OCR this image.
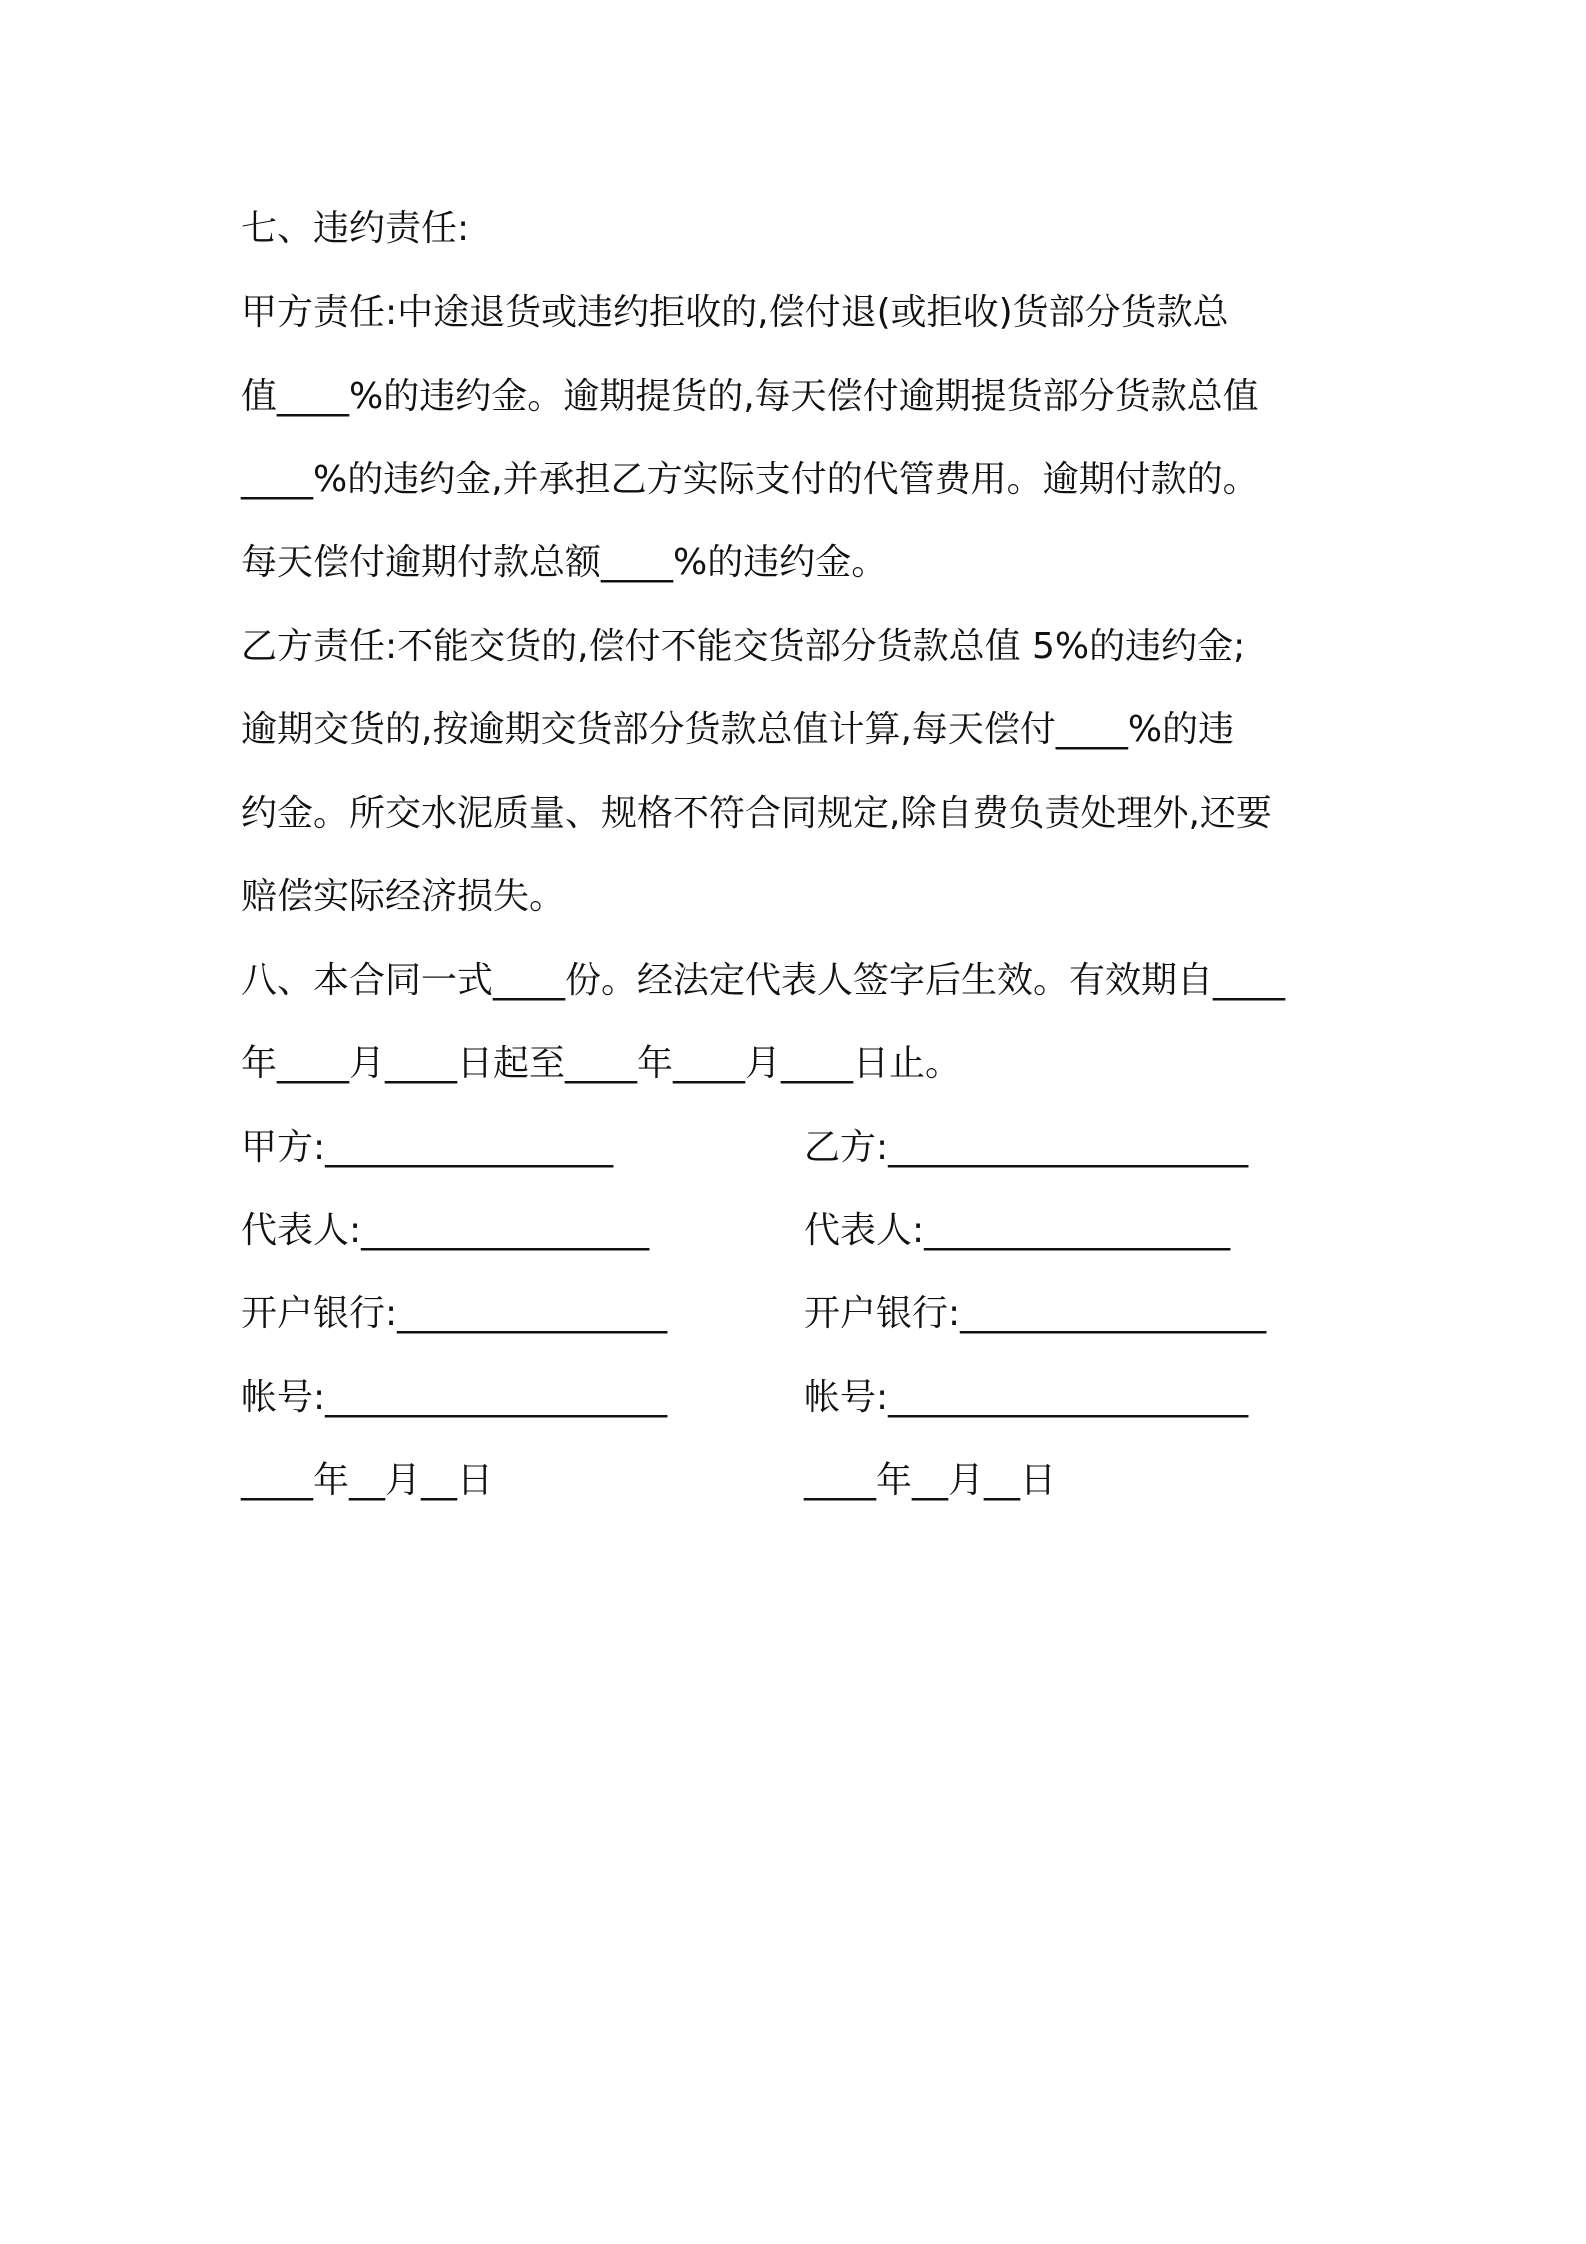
七、违约责任:
甲方责任:中途退货或违约拒收的,偿付退(或拒收)货部分货款总
值____%的违约金。逾期提货的,每天偿付逾期提货部分货款总值
____%的违约金,并承担乙方实际支付的代管费用。逾期付款的。
每天偿付逾期付款总额____%的违约金。
乙方责任:不能交货的,偿付不能交货部分货款总值 5%的违约金;
逾期交货的,按逾期交货部分货款总值计算,每天偿付____%的违
约金。所交水泥质量、规格不符合同规定,除自费负责处理外,还要
赔偿实际经济损失。
八、本合同一式____份。经法定代表人签字后生效。有效期自____
年____月____日起至____年____月____日止。
甲方:________________	乙方:____________________
代表人:________________	代表人:_________________
开户银行:_______________	开户银行:_________________
帐号:___________________	帐号:____________________
____年__月__日	____年__月__日
